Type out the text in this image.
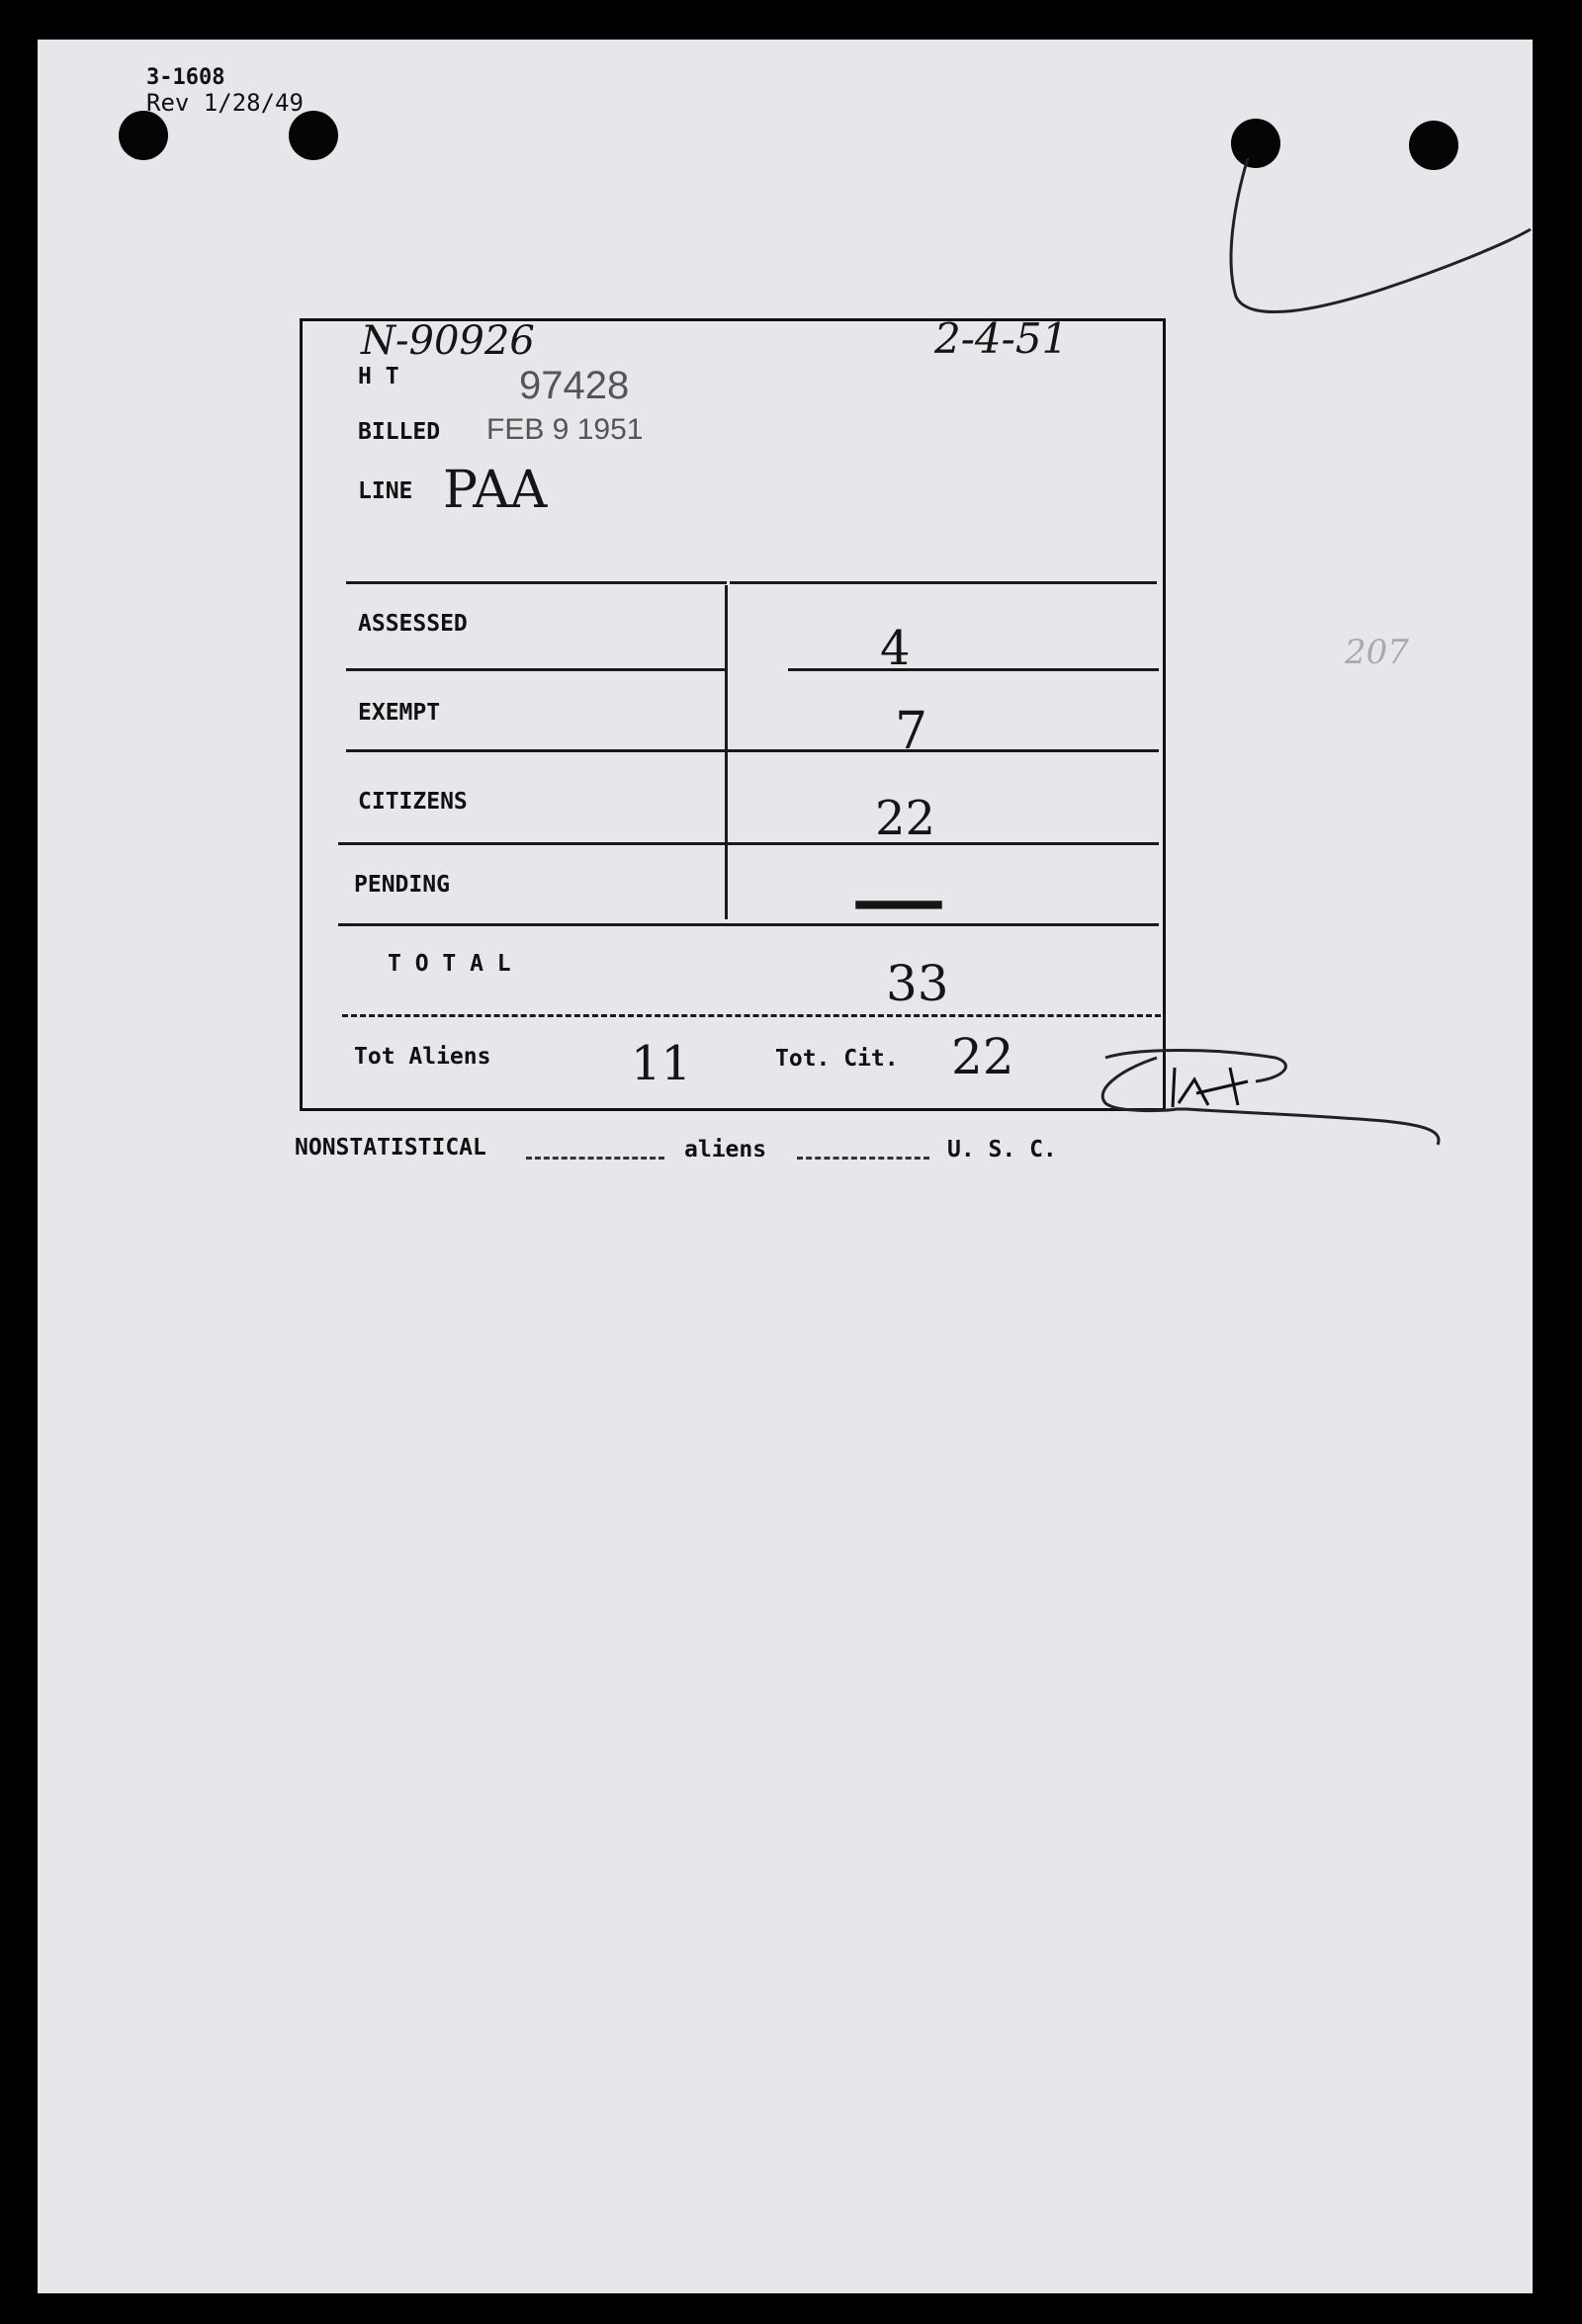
3-1608
Rev 1/28/49
N-90926	2-4-51
207
H T	97428
BILLED FEB 9 1951
LINE PAA
ASSESSED	4
EXEMPT	7
CITIZENS	22
PENDING	—
T O T A L	33
Tot Aliens	11	Tot. Cit. 22
NONSTATISTICAL	aliens	U. S. C.
